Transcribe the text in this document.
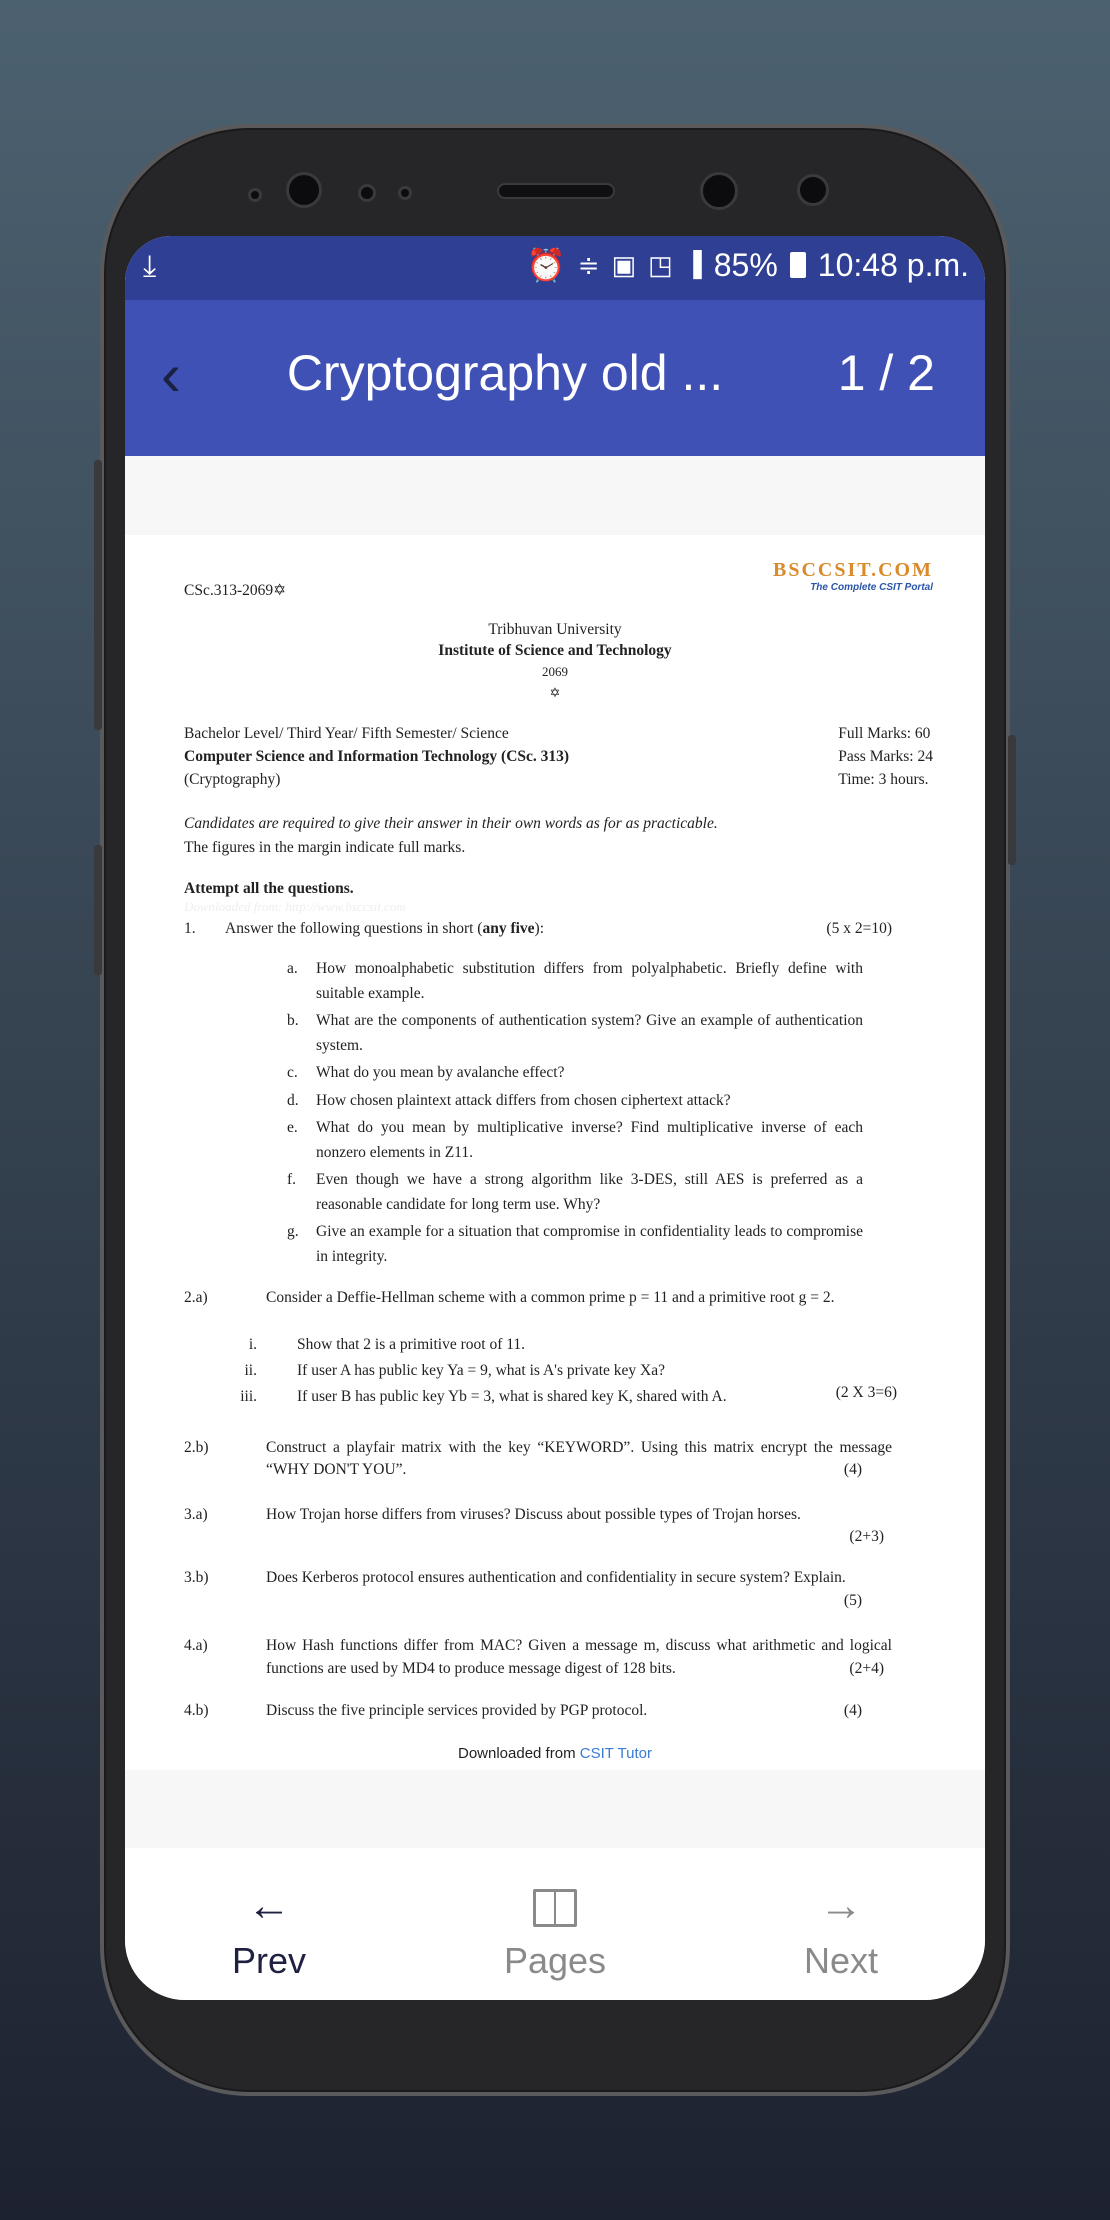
⤓	⏰ ≑ ▣ ◳ ▐ 85% 10:48 p.m.
‹	Cryptography old ...	1 / 2
CSc.313-2069✡
BSCCSIT.COM
The Complete CSIT Portal
Tribhuvan University
Institute of Science and Technology
2069
✡
Bachelor Level/ Third Year/ Fifth Semester/ Science
Computer Science and Information Technology (CSc. 313)
(Cryptography)
Full Marks: 60
Pass Marks: 24
Time: 3 hours.
Candidates are required to give their answer in their own words as for as practicable.
The figures in the margin indicate full marks.
Attempt all the questions.
Downloaded from: http://www.bsccsit.com
1. Answer the following questions in short (any five):	(5 x 2=10)
a.	How monoalphabetic substitution differs from polyalphabetic. Briefly define with suitable example.
b.	What are the components of authentication system? Give an example of authentication system.
c.	What do you mean by avalanche effect?
d.	How chosen plaintext attack differs from chosen ciphertext attack?
e.	What do you mean by multiplicative inverse? Find multiplicative inverse of each nonzero elements in Z11.
f.	Even though we have a strong algorithm like 3-DES, still AES is preferred as a reasonable candidate for long term use. Why?
g.	Give an example for a situation that compromise in confidentiality leads to compromise in integrity.
2.a)	Consider a Deffie-Hellman scheme with a common prime p = 11 and a primitive root g = 2.
i.	Show that 2 is a primitive root of 11.
ii.	If user A has public key Ya = 9, what is A's private key Xa?
iii.	If user B has public key Yb = 3, what is shared key K, shared with A.	(2 X 3=6)
2.b)	Construct a playfair matrix with the key “KEYWORD”. Using this matrix encrypt the message “WHY DON'T YOU”.	(4)
3.a)	How Trojan horse differs from viruses? Discuss about possible types of Trojan horses.
(2+3)
3.b)	Does Kerberos protocol ensures authentication and confidentiality in secure system? Explain.
(5)
4.a)	How Hash functions differ from MAC? Given a message m, discuss what arithmetic and logical functions are used by MD4 to produce message digest of 128 bits.	(2+4)
4.b)	Discuss the five principle services provided by PGP protocol.	(4)
Downloaded from CSIT Tutor
←
Prev	Pages
→
Next
